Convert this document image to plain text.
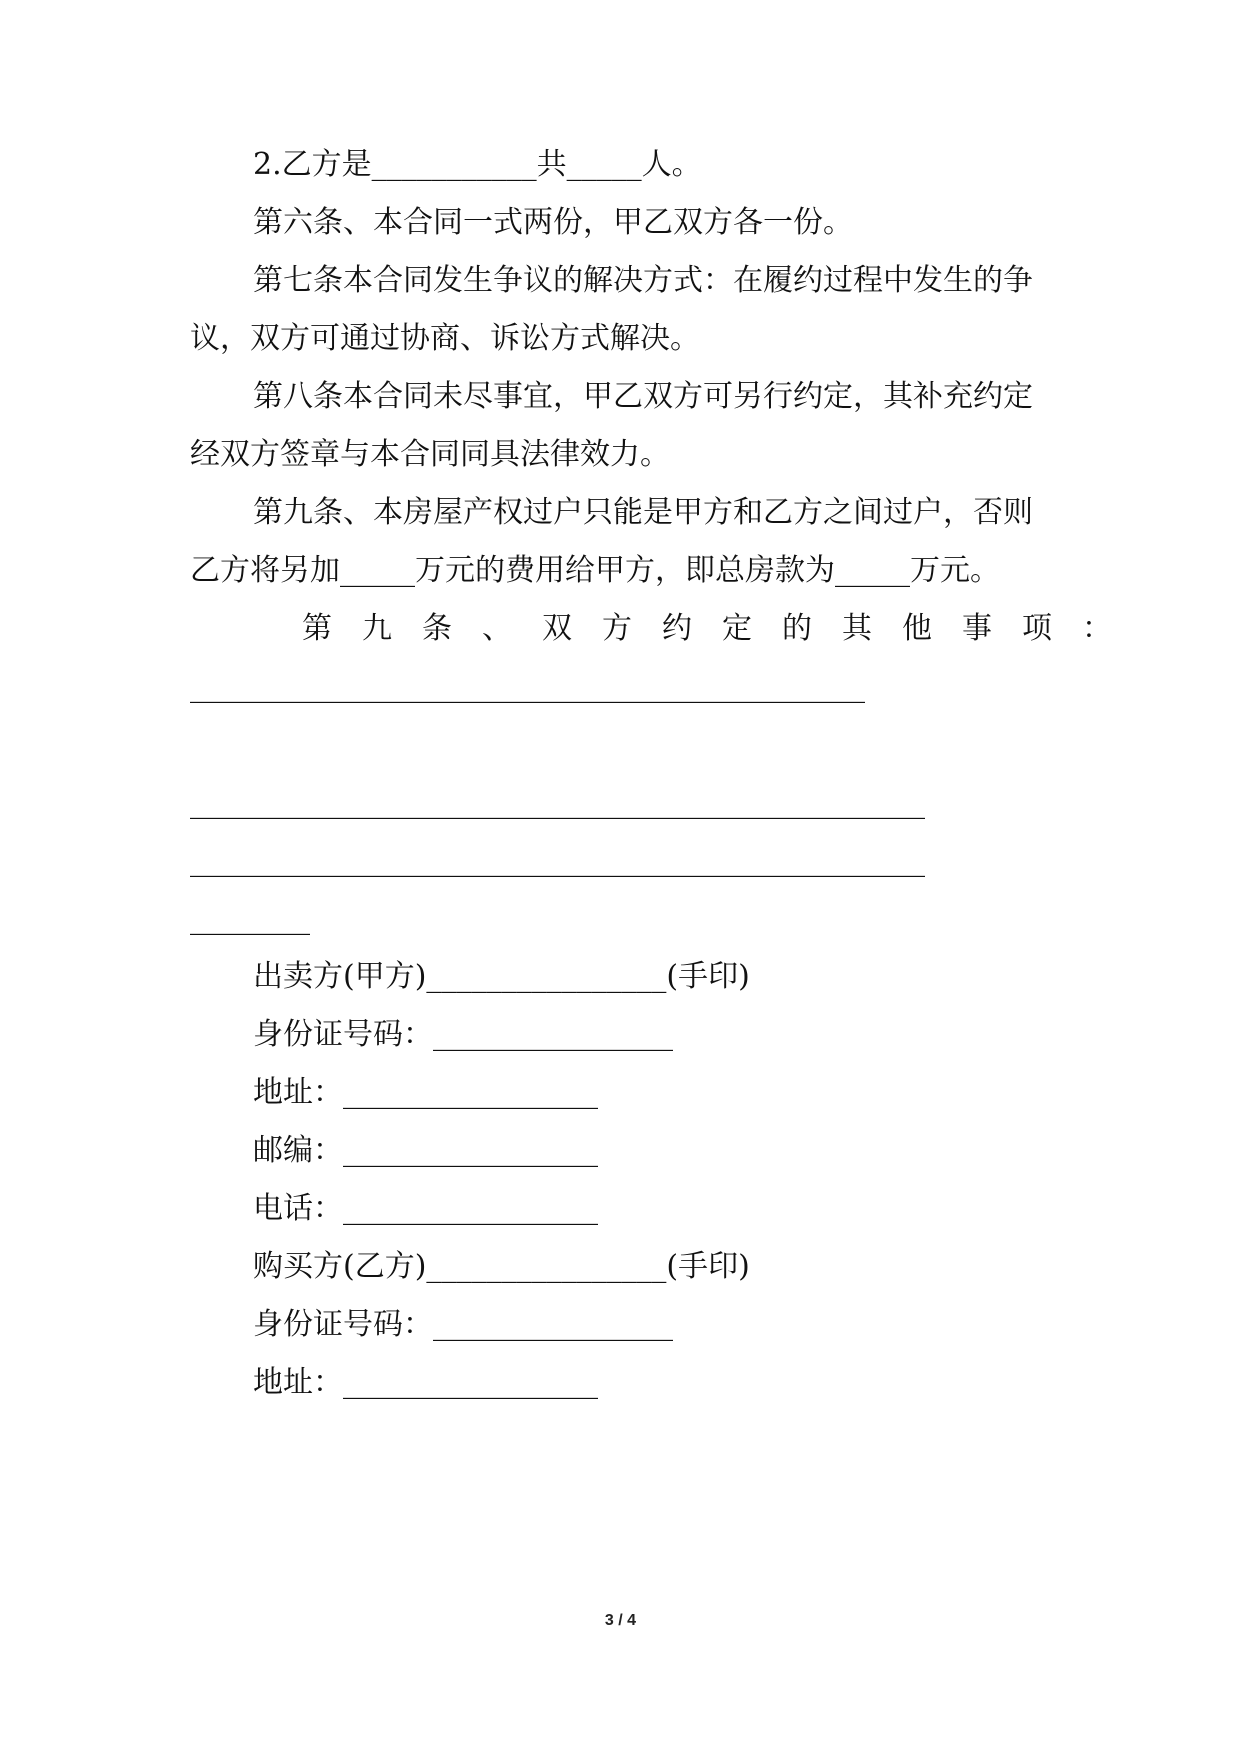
2.乙方是___________共_____人。
第六条、本合同一式两份，甲乙双方各一份。
第七条本合同发生争议的解决方式：在履约过程中发生的争
议，双方可通过协商、诉讼方式解决。
第八条本合同未尽事宜，甲乙双方可另行约定，其补充约定
经双方签章与本合同同具法律效力。
第九条、本房屋产权过户只能是甲方和乙方之间过户，否则
乙方将另加_____万元的费用给甲方，即总房款为_____万元。
第九条、双方约定的其他事项：
_____________________________________________
_________________________________________________
_________________________________________________
________
出卖方(甲方)________________(手印)
身份证号码：________________
地址：_________________
邮编：_________________
电话：_________________
购买方(乙方)________________(手印)
身份证号码：________________
地址：_________________
3 / 4
